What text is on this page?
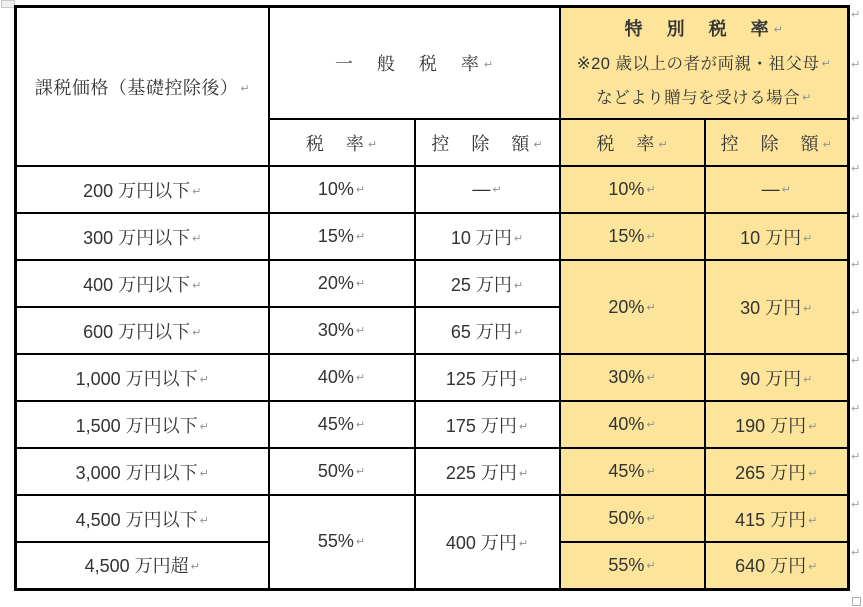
課税価格（基礎控除後） ↵	一　般　税　率 ↵		特　別　税　率 ↵
※20 歳以上の者が両親・祖父母 ↵
などより贈与を受ける場合 ↵	

	税　率 ↵	控　除　額 ↵	税　率 ↵	控　除　額 ↵
200 万円以下 ↵	10% ↵	― ↵	10% ↵	― ↵
300 万円以下 ↵	15% ↵	10 万円 ↵	15% ↵	10 万円 ↵
400 万円以下 ↵	20% ↵	25 万円 ↵	20% ↵	30 万円 ↵
600 万円以下 ↵	30% ↵	65 万円 ↵		
1,000 万円以下 ↵	40% ↵	125 万円 ↵	30% ↵	90 万円 ↵
1,500 万円以下 ↵	45% ↵	175 万円 ↵	40% ↵	190 万円 ↵
3,000 万円以下 ↵	50% ↵	225 万円 ↵	45% ↵	265 万円 ↵
4,500 万円以下 ↵	55% ↵	400 万円 ↵	50% ↵	415 万円 ↵
4,500 万円超 ↵			55% ↵	640 万円 ↵
↵
↵
↵
↵
↵
↵
↵
↵
↵
↵
↵
↵
